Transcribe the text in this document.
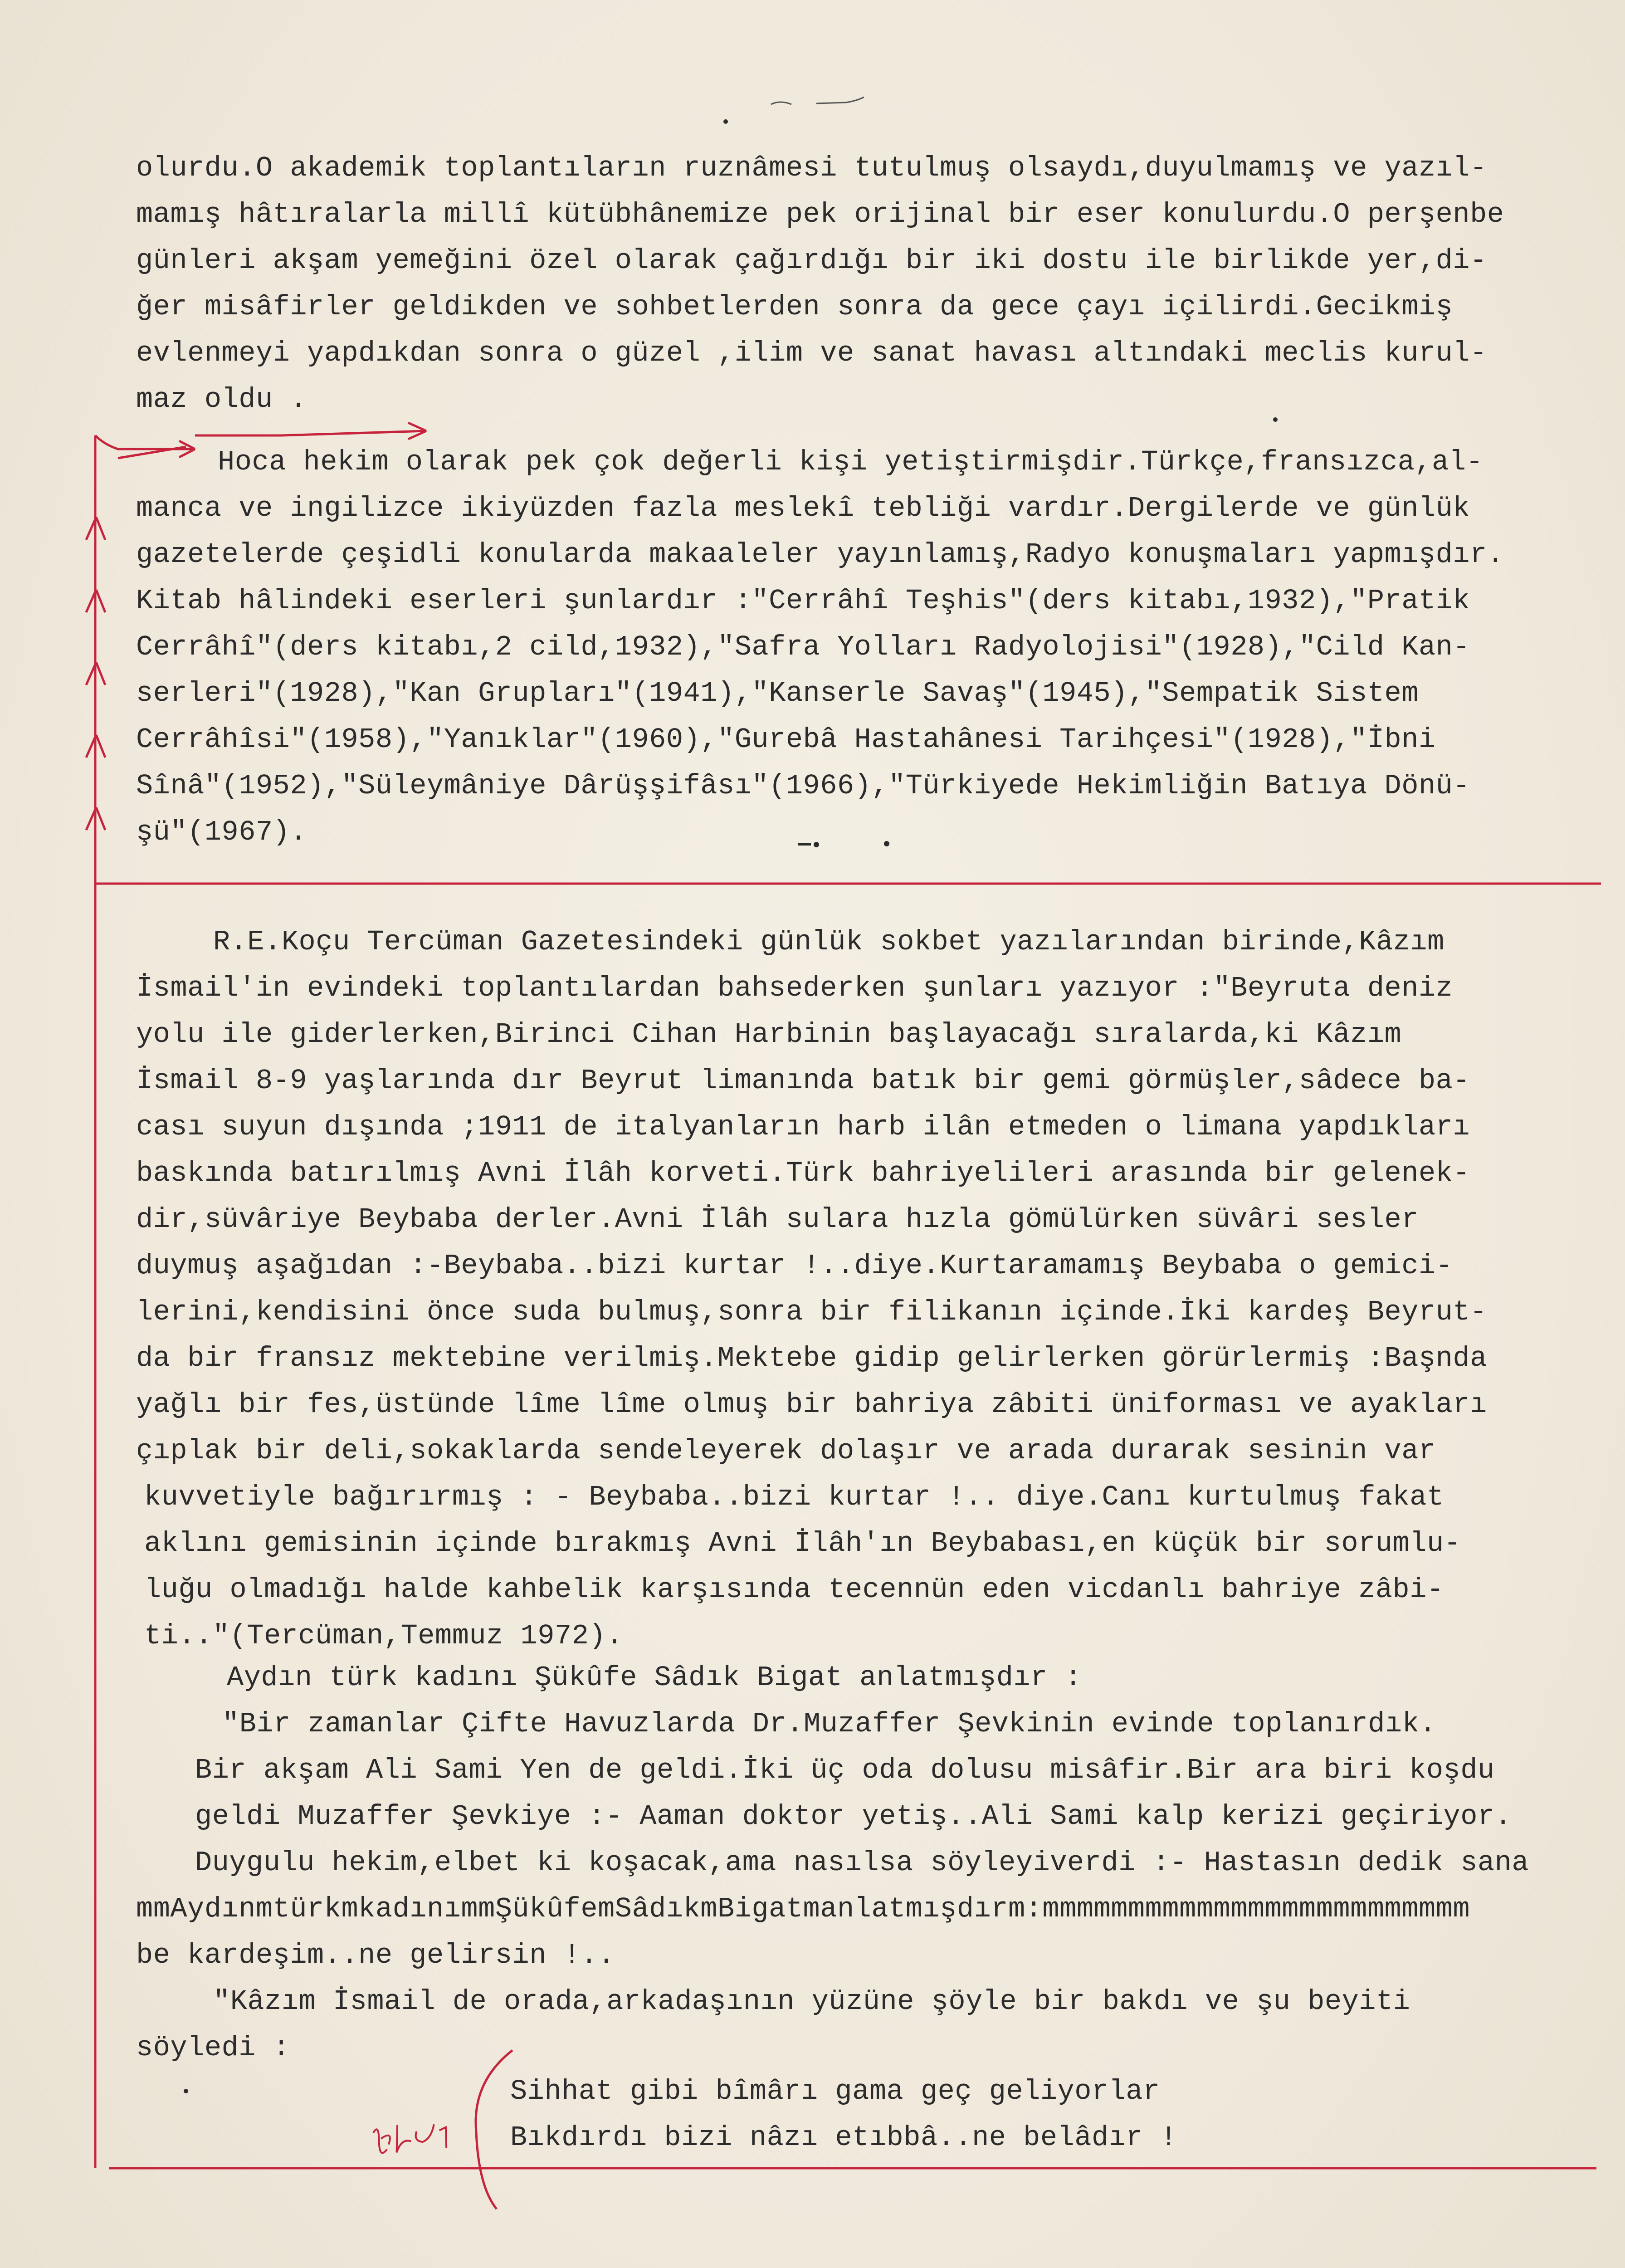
olurdu.O akademik toplantıların ruznâmesi tutulmuş olsaydı,duyulmamış ve yazıl-
mamış hâtıralarla millî kütübhânemize pek orijinal bir eser konulurdu.O perşenbe
günleri akşam yemeğini özel olarak çağırdığı bir iki dostu ile birlikde yer,di-
ğer misâfirler geldikden ve sohbetlerden sonra da gece çayı içilirdi.Gecikmiş
evlenmeyi yapdıkdan sonra o güzel ,ilim ve sanat havası altındaki meclis kurul-
maz oldu .
Hoca hekim olarak pek çok değerli kişi yetiştirmişdir.Türkçe,fransızca,al-
manca ve ingilizce ikiyüzden fazla meslekî tebliği vardır.Dergilerde ve günlük
gazetelerde çeşidli konularda makaaleler yayınlamış,Radyo konuşmaları yapmışdır.
Kitab hâlindeki eserleri şunlardır :"Cerrâhî Teşhis"(ders kitabı,1932),"Pratik
Cerrâhî"(ders kitabı,2 cild,1932),"Safra Yolları Radyolojisi"(1928),"Cild Kan-
serleri"(1928),"Kan Grupları"(1941),"Kanserle Savaş"(1945),"Sempatik Sistem
Cerrâhîsi"(1958),"Yanıklar"(1960),"Gurebâ Hastahânesi Tarihçesi"(1928),"İbni
Sînâ"(1952),"Süleymâniye Dârüşşifâsı"(1966),"Türkiyede Hekimliğin Batıya Dönü-
şü"(1967).
R.E.Koçu Tercüman Gazetesindeki günlük sokbet yazılarından birinde,Kâzım
İsmail'in evindeki toplantılardan bahsederken şunları yazıyor :"Beyruta deniz
yolu ile giderlerken,Birinci Cihan Harbinin başlayacağı sıralarda,ki Kâzım
İsmail 8-9 yaşlarında dır Beyrut limanında batık bir gemi görmüşler,sâdece ba-
cası suyun dışında ;1911 de italyanların harb ilân etmeden o limana yapdıkları
baskında batırılmış Avni İlâh korveti.Türk bahriyelileri arasında bir gelenek-
dir,süvâriye Beybaba derler.Avni İlâh sulara hızla gömülürken süvâri sesler
duymuş aşağıdan :-Beybaba..bizi kurtar !..diye.Kurtaramamış Beybaba o gemici-
lerini,kendisini önce suda bulmuş,sonra bir filikanın içinde.İki kardeş Beyrut-
da bir fransız mektebine verilmiş.Mektebe gidip gelirlerken görürlermiş :Başnda
yağlı bir fes,üstünde lîme lîme olmuş bir bahriya zâbiti üniforması ve ayakları
çıplak bir deli,sokaklarda sendeleyerek dolaşır ve arada durarak sesinin var
kuvvetiyle bağırırmış : - Beybaba..bizi kurtar !.. diye.Canı kurtulmuş fakat
aklını gemisinin içinde bırakmış Avni İlâh'ın Beybabası,en küçük bir sorumlu-
luğu olmadığı halde kahbelik karşısında tecennün eden vicdanlı bahriye zâbi-
ti.."(Tercüman,Temmuz 1972).
Aydın türk kadını Şükûfe Sâdık Bigat anlatmışdır :
"Bir zamanlar Çifte Havuzlarda Dr.Muzaffer Şevkinin evinde toplanırdık.
Bir akşam Ali Sami Yen de geldi.İki üç oda dolusu misâfir.Bir ara biri koşdu
geldi Muzaffer Şevkiye :- Aaman doktor yetiş..Ali Sami kalp kerizi geçiriyor.
Duygulu hekim,elbet ki koşacak,ama nasılsa söyleyiverdi :- Hastasın dedik sana
mmAydınmtürkmkadınımmŞükûfemSâdıkmBigatmanlatmışdırm:mmmmmmmmmmmmmmmmmmmmmmmmm
be kardeşim..ne gelirsin !..
"Kâzım İsmail de orada,arkadaşının yüzüne şöyle bir bakdı ve şu beyiti
söyledi :
Sihhat gibi bîmârı gama geç geliyorlar
Bıkdırdı bizi nâzı etıbbâ..ne belâdır !
